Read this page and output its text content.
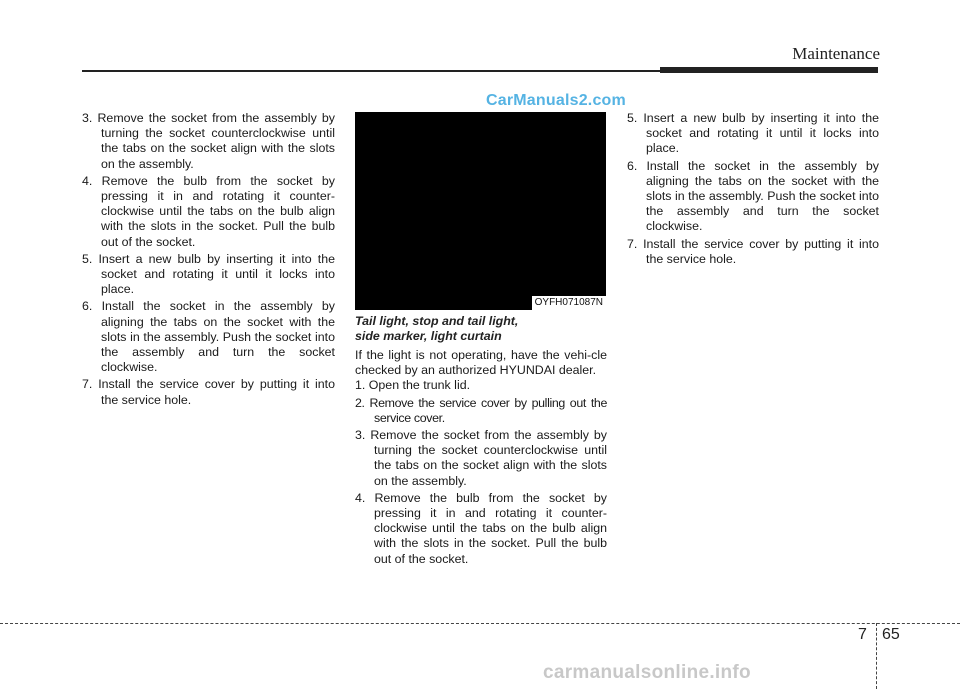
Maintenance
CarManuals2.com
3. Remove the socket from the assembly by turning the socket counterclockwise until the tabs on the socket align with the slots on the assembly.
4. Remove the bulb from the socket by pressing it in and rotating it counter-clockwise until the tabs on the bulb align with the slots in the socket. Pull the bulb out of the socket.
5. Insert a new bulb by inserting it into the socket and rotating it until it locks into place.
6. Install the socket in the assembly by aligning the tabs on the socket with the slots in the assembly. Push the socket into the assembly and turn the socket clockwise.
7. Install the service cover by putting it into the service hole.
OYFH071087N
Tail light, stop and tail light,
side marker, light curtain

If the light is not operating, have the vehi-cle checked by an authorized HYUNDAI dealer.

1. Open the trunk lid.
2. Remove the service cover by pulling out the service cover.
3. Remove the socket from the assembly by turning the socket counterclockwise until the tabs on the socket align with the slots on the assembly.
4. Remove the bulb from the socket by pressing it in and rotating it counter-clockwise until the tabs on the bulb align with the slots in the socket. Pull the bulb out of the socket.
5. Insert a new bulb by inserting it into the socket and rotating it until it locks into place.
6. Install the socket in the assembly by aligning the tabs on the socket with the slots in the assembly. Push the socket into the assembly and turn the socket clockwise.
7. Install the service cover by putting it into the service hole.
7 65
carmanualsonline.info
